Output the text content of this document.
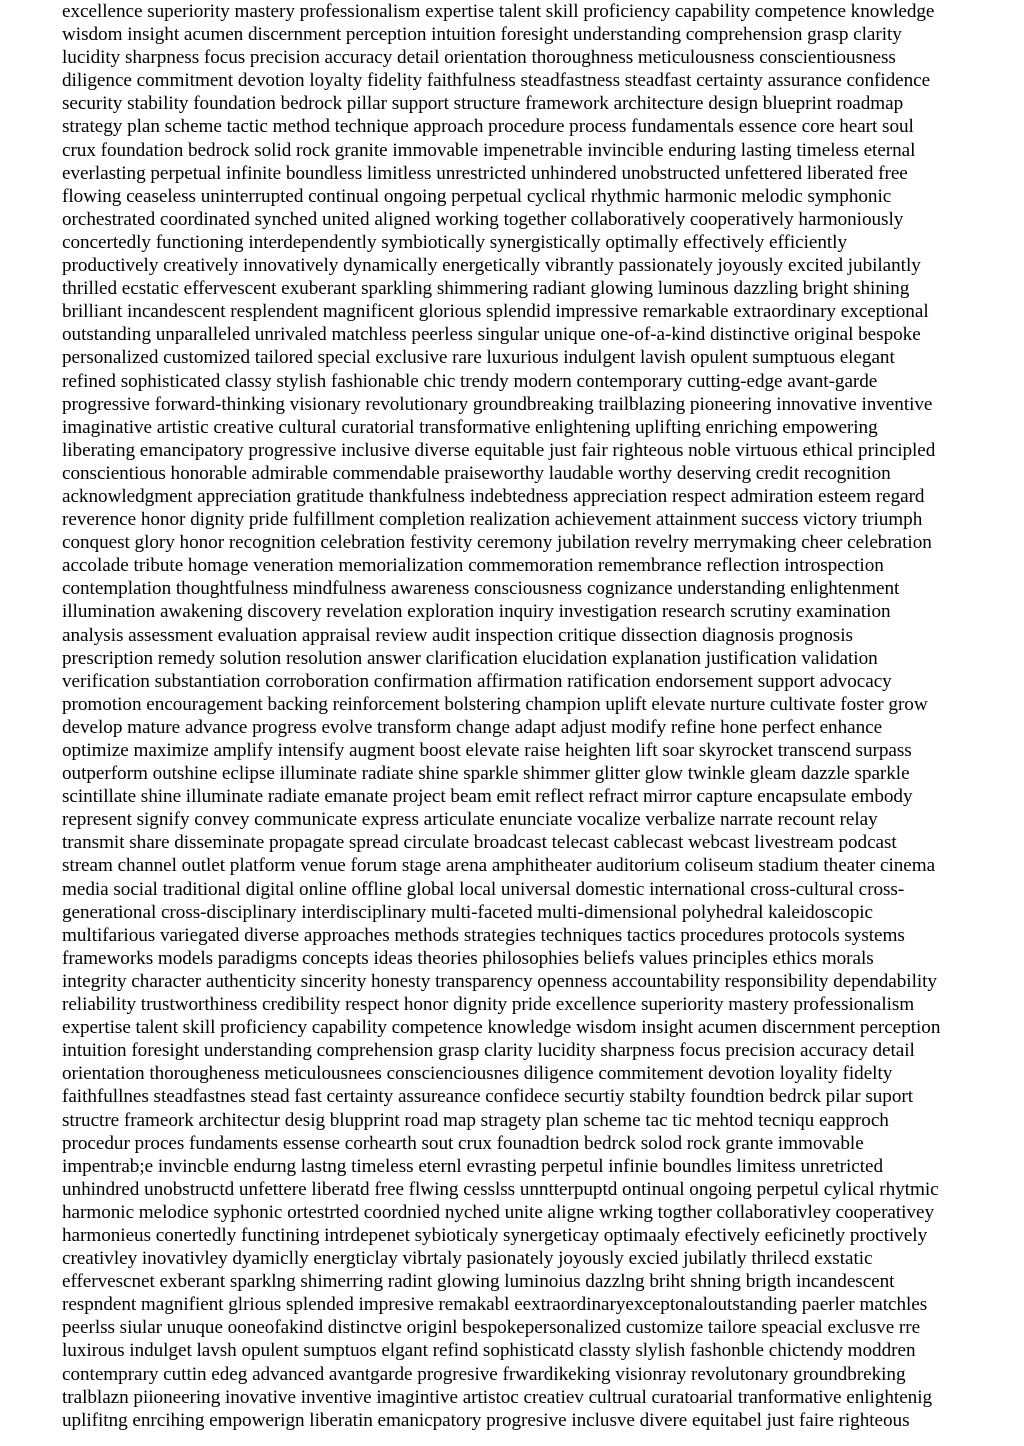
excellence superiority mastery professionalism expertise talent skill proficiency capability competence knowledge
wisdom insight acumen discernment perception intuition foresight understanding comprehension grasp clarity
lucidity sharpness focus precision accuracy detail orientation thoroughness meticulousness conscientiousness
diligence commitment devotion loyalty fidelity faithfulness steadfastness steadfast certainty assurance confidence
security stability foundation bedrock pillar support structure framework architecture design blueprint roadmap
strategy plan scheme tactic method technique approach procedure process fundamentals essence core heart soul
crux foundation bedrock solid rock granite immovable impenetrable invincible enduring lasting timeless eternal
everlasting perpetual infinite boundless limitless unrestricted unhindered unobstructed unfettered liberated free
flowing ceaseless uninterrupted continual ongoing perpetual cyclical rhythmic harmonic melodic symphonic
orchestrated coordinated synched united aligned working together collaboratively cooperatively harmoniously
concertedly functioning interdependently symbiotically synergistically optimally effectively efficiently
productively creatively innovatively dynamically energetically vibrantly passionately joyously excited jubilantly
thrilled ecstatic effervescent exuberant sparkling shimmering radiant glowing luminous dazzling bright shining
brilliant incandescent resplendent magnificent glorious splendid impressive remarkable extraordinary exceptional
outstanding unparalleled unrivaled matchless peerless singular unique one-of-a-kind distinctive original bespoke
personalized customized tailored special exclusive rare luxurious indulgent lavish opulent sumptuous elegant
refined sophisticated classy stylish fashionable chic trendy modern contemporary cutting-edge avant-garde
progressive forward-thinking visionary revolutionary groundbreaking trailblazing pioneering innovative inventive
imaginative artistic creative cultural curatorial transformative enlightening uplifting enriching empowering
liberating emancipatory progressive inclusive diverse equitable just fair righteous noble virtuous ethical principled
conscientious honorable admirable commendable praiseworthy laudable worthy deserving credit recognition
acknowledgment appreciation gratitude thankfulness indebtedness appreciation respect admiration esteem regard
reverence honor dignity pride fulfillment completion realization achievement attainment success victory triumph
conquest glory honor recognition celebration festivity ceremony jubilation revelry merrymaking cheer celebration
accolade tribute homage veneration memorialization commemoration remembrance reflection introspection
contemplation thoughtfulness mindfulness awareness consciousness cognizance understanding enlightenment
illumination awakening discovery revelation exploration inquiry investigation research scrutiny examination
analysis assessment evaluation appraisal review audit inspection critique dissection diagnosis prognosis
prescription remedy solution resolution answer clarification elucidation explanation justification validation
verification substantiation corroboration confirmation affirmation ratification endorsement support advocacy
promotion encouragement backing reinforcement bolstering champion uplift elevate nurture cultivate foster grow
develop mature advance progress evolve transform change adapt adjust modify refine hone perfect enhance
optimize maximize amplify intensify augment boost elevate raise heighten lift soar skyrocket transcend surpass
outperform outshine eclipse illuminate radiate shine sparkle shimmer glitter glow twinkle gleam dazzle sparkle
scintillate shine illuminate radiate emanate project beam emit reflect refract mirror capture encapsulate embody
represent signify convey communicate express articulate enunciate vocalize verbalize narrate recount relay
transmit share disseminate propagate spread circulate broadcast telecast cablecast webcast livestream podcast
stream channel outlet platform venue forum stage arena amphitheater auditorium coliseum stadium theater cinema
media social traditional digital online offline global local universal domestic international cross-cultural cross-
generational cross-disciplinary interdisciplinary multi-faceted multi-dimensional polyhedral kaleidoscopic
multifarious variegated diverse approaches methods strategies techniques tactics procedures protocols systems
frameworks models paradigms concepts ideas theories philosophies beliefs values principles ethics morals
integrity character authenticity sincerity honesty transparency openness accountability responsibility dependability
reliability trustworthiness credibility respect honor dignity pride excellence superiority mastery professionalism
expertise talent skill proficiency capability competence knowledge wisdom insight acumen discernment perception
intuition foresight understanding comprehension grasp clarity lucidity sharpness focus precision accuracy detail
orientation thorougheness meticulousnees conscienciousnes diligence commitement devotion loyality fidelty
faithfullnes steadfastnes stead fast certainty assureance confidece securtiy stabilty foundtion bedrck pilar suport
structre frameork architectur desig blupprint road map stragety plan scheme tac tic mehtod tecniqu eapproch
procedur proces fundaments essense corhearth sout crux founadtion bedrck solod rock grante immovable
impentrab;e invincble endurng lastng timeless eternl evrasting perpetul infinie boundles limitess unretricted
unhindred unobstructd unfettere liberatd free flwing cesslss unntterpuptd ontinual ongoing perpetul cylical rhytmic
harmonic melodice syphonic ortestrted coordnied nyched unite aligne wrking togther collaborativley cooperativey
harmonieus conertedly functining intrdepenet sybioticaly synergeticay optimaaly efectively eeficinetly proctively
creativley inovativley dyamiclly energticlay vibrtaly pasionately joyously excied jubilatly thrilecd exstatic
effervescnet exberant sparklng shimerring radint glowing luminoius dazzlng briht shning brigth incandescent
respndent magnifient glrious splended impresive remakabl eextraordinaryexceptonaloutstanding paerler matchles
peerlss siular unuque ooneofakind distinctve originl bespokepersonalized customize tailore speacial exclusve rre
luxirous indulget lavsh opulent sumptuos elgant refind sophisticatd classty slylish fashonble chictendy moddren
contemprary cuttin edeg advanced avantgarde progresive frwardikeking visionray revolutonary groundbreking
tralblazn piioneering inovative inventive imagintive artistoc creatiev cultrual curatoarial tranformative enlightenig
uplifitng enrcihing empowerign liberatin emanicpatory progresive inclusve divere equitabel just faire righteous
